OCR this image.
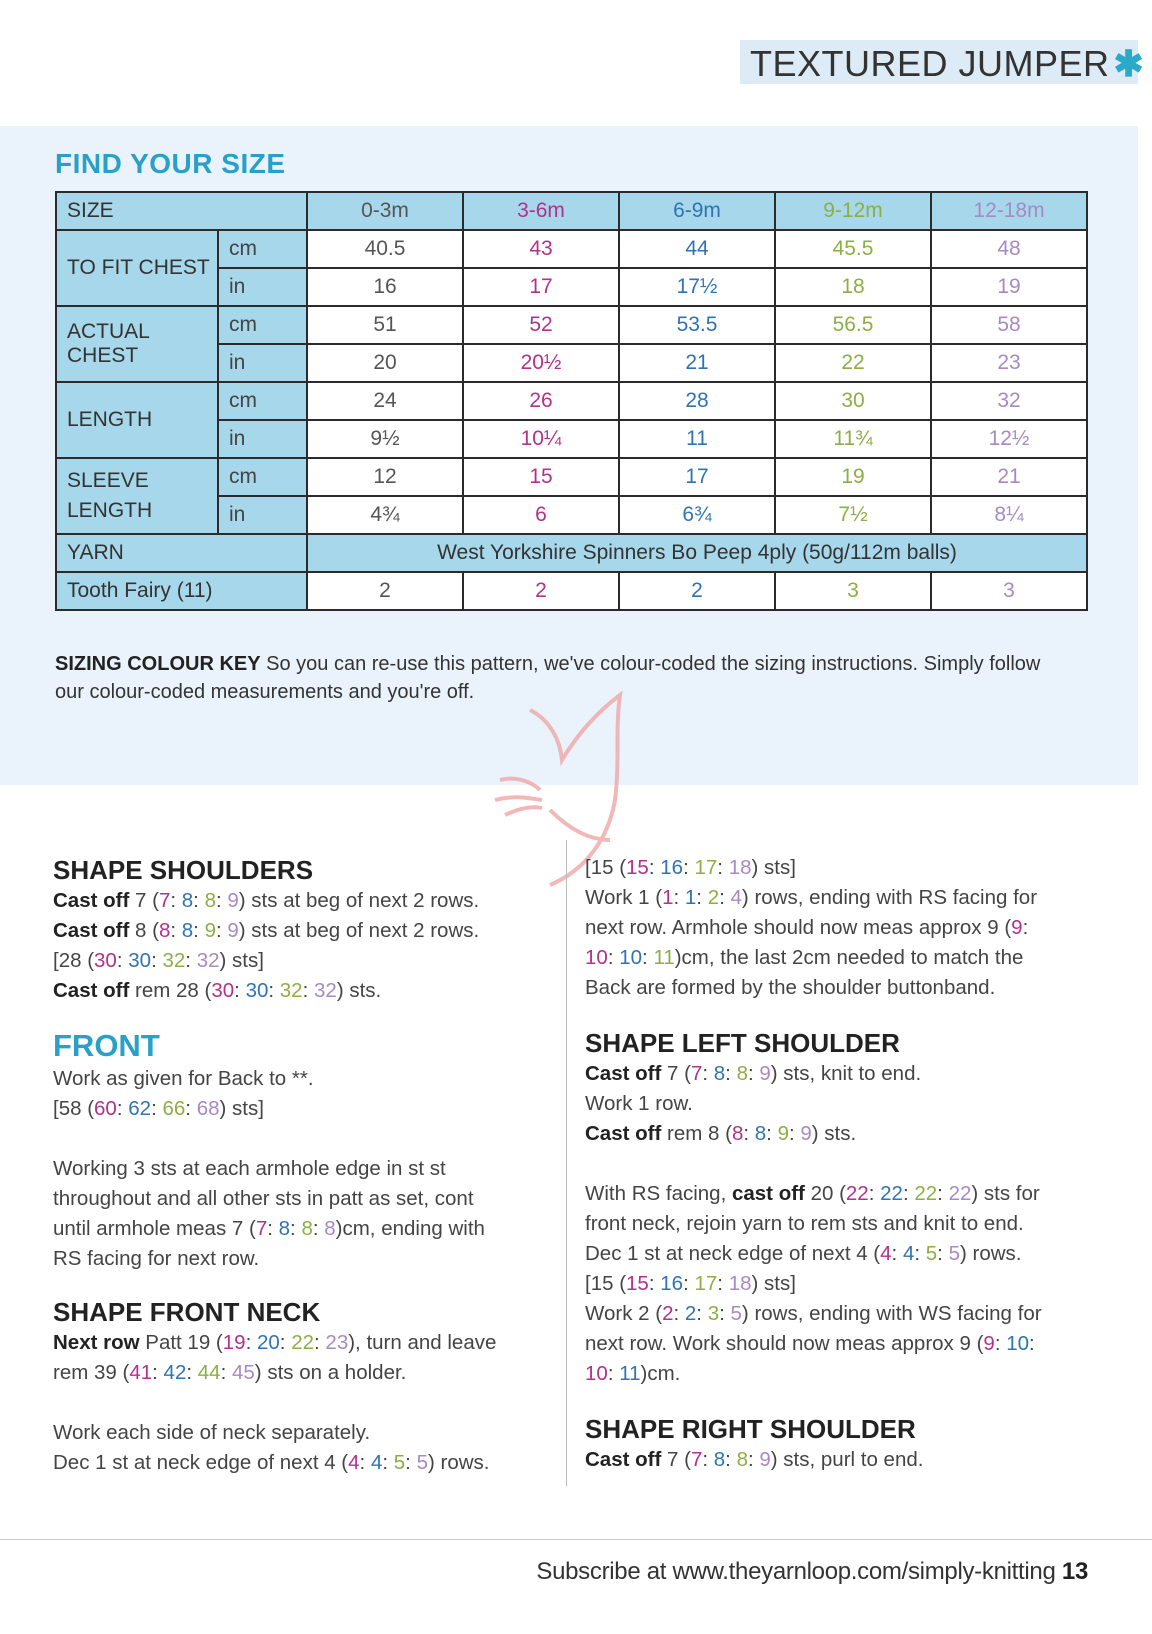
TEXTURED JUMPER ✱
FIND YOUR SIZE
SIZE		0-3m	3-6m	6-9m	9-12m	12-18m
TO FIT CHEST	cm	40.5	43	44	45.5	48
	in	16	17	17½	18	19
ACTUAL CHEST	cm	51	52	53.5	56.5	58
	in	20	20½	21	22	23
LENGTH	cm	24	26	28	30	32
	in	9½	10¼	11	11¾	12½
SLEEVE
LENGTH	cm	12	15	17	19	21
	in	4¾	6	6¾	7½	8¼
YARN		West Yorkshire Spinners Bo Peep 4ply (50g/112m balls)				
Tooth Fairy (11)		2	2	2	3	3
SIZING COLOUR KEY So you can re-use this pattern, we've colour-coded the sizing instructions. Simply follow our colour-coded measurements and you're off.
SHAPE SHOULDERS

Cast off 7 (7: 8: 8: 9) sts at beg of next 2 rows.

Cast off 8 (8: 8: 9: 9) sts at beg of next 2 rows.

[28 (30: 30: 32: 32) sts]

Cast off rem 28 (30: 30: 32: 32) sts.

FRONT

Work as given for Back to **.

[58 (60: 62: 66: 68) sts]

Working 3 sts at each armhole edge in st st

throughout and all other sts in patt as set, cont

until armhole meas 7 (7: 8: 8: 8)cm, ending with

RS facing for next row.

SHAPE FRONT NECK

Next row Patt 19 (19: 20: 22: 23), turn and leave

rem 39 (41: 42: 44: 45) sts on a holder.

Work each side of neck separately.

Dec 1 st at neck edge of next 4 (4: 4: 5: 5) rows.

[15 (15: 16: 17: 18) sts]

Work 1 (1: 1: 2: 4) rows, ending with RS facing for

next row. Armhole should now meas approx 9 (9:

10: 10: 11)cm, the last 2cm needed to match the

Back are formed by the shoulder buttonband.

SHAPE LEFT SHOULDER

Cast off 7 (7: 8: 8: 9) sts, knit to end.

Work 1 row.

Cast off rem 8 (8: 8: 9: 9) sts.

With RS facing, cast off 20 (22: 22: 22: 22) sts for

front neck, rejoin yarn to rem sts and knit to end.

Dec 1 st at neck edge of next 4 (4: 4: 5: 5) rows.

[15 (15: 16: 17: 18) sts]

Work 2 (2: 2: 3: 5) rows, ending with WS facing for

next row. Work should now meas approx 9 (9: 10:

10: 11)cm.

SHAPE RIGHT SHOULDER

Cast off 7 (7: 8: 8: 9) sts, purl to end.

Subscribe at www.theyarnloop.com/simply-knitting 13
